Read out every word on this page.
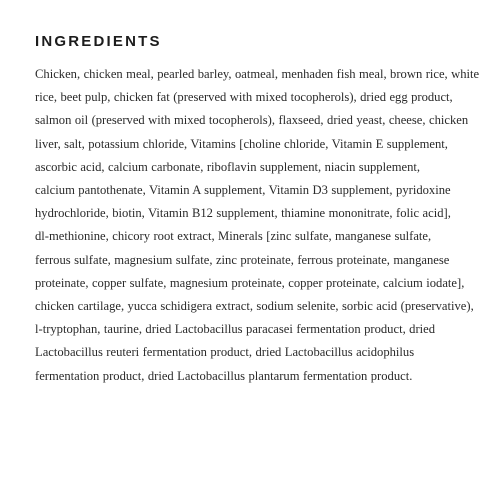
INGREDIENTS

Chicken, chicken meal, pearled barley, oatmeal, menhaden fish meal, brown rice, white
rice, beet pulp, chicken fat (preserved with mixed tocopherols), dried egg product,
salmon oil (preserved with mixed tocopherols), flaxseed, dried yeast, cheese, chicken
liver, salt, potassium chloride, Vitamins [choline chloride, Vitamin E supplement,
ascorbic acid, calcium carbonate, riboflavin supplement, niacin supplement,
calcium pantothenate, Vitamin A supplement, Vitamin D3 supplement, pyridoxine
hydrochloride, biotin, Vitamin B12 supplement, thiamine mononitrate, folic acid],
dl-methionine, chicory root extract, Minerals [zinc sulfate, manganese sulfate,
ferrous sulfate, magnesium sulfate, zinc proteinate, ferrous proteinate, manganese
proteinate, copper sulfate, magnesium proteinate, copper proteinate, calcium iodate],
chicken cartilage, yucca schidigera extract, sodium selenite, sorbic acid (preservative),
l-tryptophan, taurine, dried Lactobacillus paracasei fermentation product, dried
Lactobacillus reuteri fermentation product, dried Lactobacillus acidophilus
fermentation product, dried Lactobacillus plantarum fermentation product.
